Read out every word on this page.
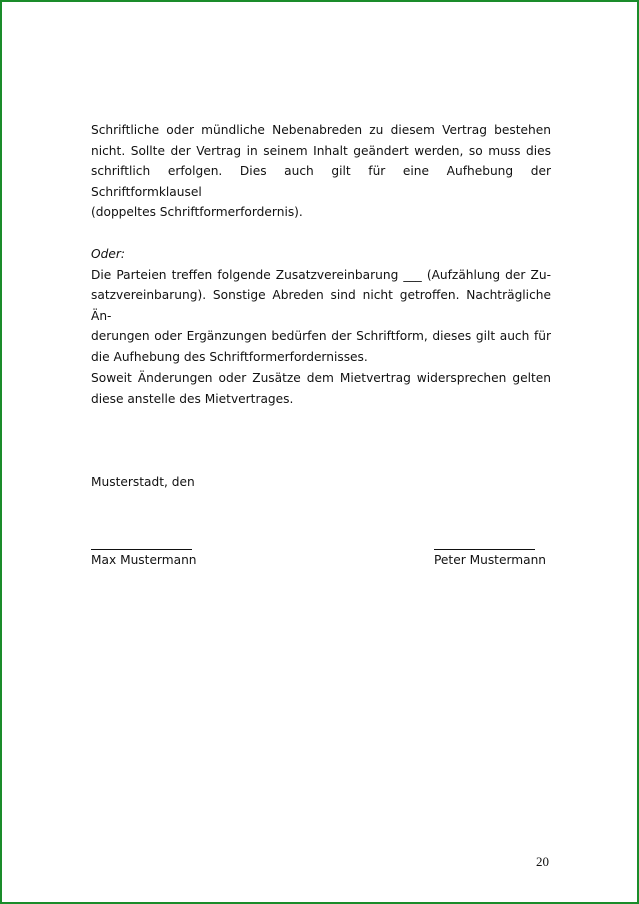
Schriftliche oder mündliche Nebenabreden zu diesem Vertrag bestehen
nicht. Sollte der Vertrag in seinem Inhalt geändert werden, so muss dies
schriftlich erfolgen. Dies auch gilt für eine Aufhebung der Schriftformklausel
(doppeltes Schriftformerfordernis).

Oder:

Die Parteien treffen folgende Zusatzvereinbarung ___ (Aufzählung der Zu-
satzvereinbarung). Sonstige Abreden sind nicht getroffen. Nachträgliche Än-
derungen oder Ergänzungen bedürfen der Schriftform, dieses gilt auch für
die Aufhebung des Schriftformerfordernisses.
Soweit Änderungen oder Zusätze dem Mietvertrag widersprechen gelten
diese anstelle des Mietvertrages.
Musterstadt, den
Max Mustermann	Peter Mustermann
20
